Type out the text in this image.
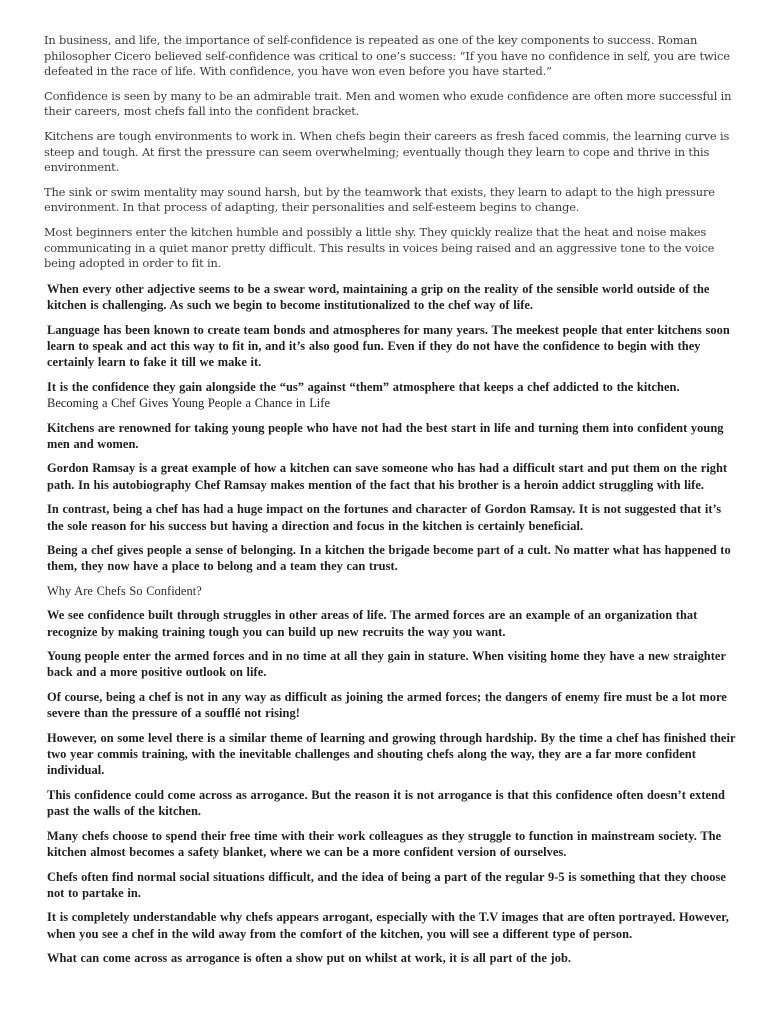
In business, and life, the importance of self-confidence is repeated as one of the key components to success. Roman philosopher Cicero believed self-confidence was critical to one’s success: “If you have no confidence in self, you are twice defeated in the race of life. With confidence, you have won even before you have started.”

Confidence is seen by many to be an admirable trait. Men and women who exude confidence are often more successful in their careers, most chefs fall into the confident bracket.

Kitchens are tough environments to work in. When chefs begin their careers as fresh faced commis, the learning curve is steep and tough. At first the pressure can seem overwhelming; eventually though they learn to cope and thrive in this environment.

The sink or swim mentality may sound harsh, but by the teamwork that exists, they learn to adapt to the high pressure environment. In that process of adapting, their personalities and self-esteem begins to change.

Most beginners enter the kitchen humble and possibly a little shy. They quickly realize that the heat and noise makes communicating in a quiet manor pretty difficult. This results in voices being raised and an aggressive tone to the voice being adopted in order to fit in.

When every other adjective seems to be a swear word, maintaining a grip on the reality of the sensible world outside of the kitchen is challenging. As such we begin to become institutionalized to the chef way of life.

Language has been known to create team bonds and atmospheres for many years. The meekest people that enter kitchens soon learn to speak and act this way to fit in, and it’s also good fun. Even if they do not have the confidence to begin with they certainly learn to fake it till we make it.

It is the confidence they gain alongside the “us” against “them” atmosphere that keeps a chef addicted to the kitchen.
Becoming a Chef Gives Young People a Chance in Life

Kitchens are renowned for taking young people who have not had the best start in life and turning them into confident young men and women.

Gordon Ramsay is a great example of how a kitchen can save someone who has had a difficult start and put them on the right path. In his autobiography Chef Ramsay makes mention of the fact that his brother is a heroin addict struggling with life.

In contrast, being a chef has had a huge impact on the fortunes and character of Gordon Ramsay. It is not suggested that it’s the sole reason for his success but having a direction and focus in the kitchen is certainly beneficial.

Being a chef gives people a sense of belonging. In a kitchen the brigade become part of a cult. No matter what has happened to them, they now have a place to belong and a team they can trust.

Why Are Chefs So Confident?

We see confidence built through struggles in other areas of life. The armed forces are an example of an organization that recognize by making training tough you can build up new recruits the way you want.

Young people enter the armed forces and in no time at all they gain in stature. When visiting home they have a new straighter back and a more positive outlook on life.

Of course, being a chef is not in any way as difficult as joining the armed forces; the dangers of enemy fire must be a lot more severe than the pressure of a soufflé not rising!

However, on some level there is a similar theme of learning and growing through hardship. By the time a chef has finished their two year commis training, with the inevitable challenges and shouting chefs along the way, they are a far more confident individual.

This confidence could come across as arrogance. But the reason it is not arrogance is that this confidence often doesn’t extend past the walls of the kitchen.

Many chefs choose to spend their free time with their work colleagues as they struggle to function in mainstream society. The kitchen almost becomes a safety blanket, where we can be a more confident version of ourselves.

Chefs often find normal social situations difficult, and the idea of being a part of the regular 9-5 is something that they choose not to partake in.

It is completely understandable why chefs appears arrogant, especially with the T.V images that are often portrayed. However, when you see a chef in the wild away from the comfort of the kitchen, you will see a different type of person.

What can come across as arrogance is often a show put on whilst at work, it is all part of the job.
